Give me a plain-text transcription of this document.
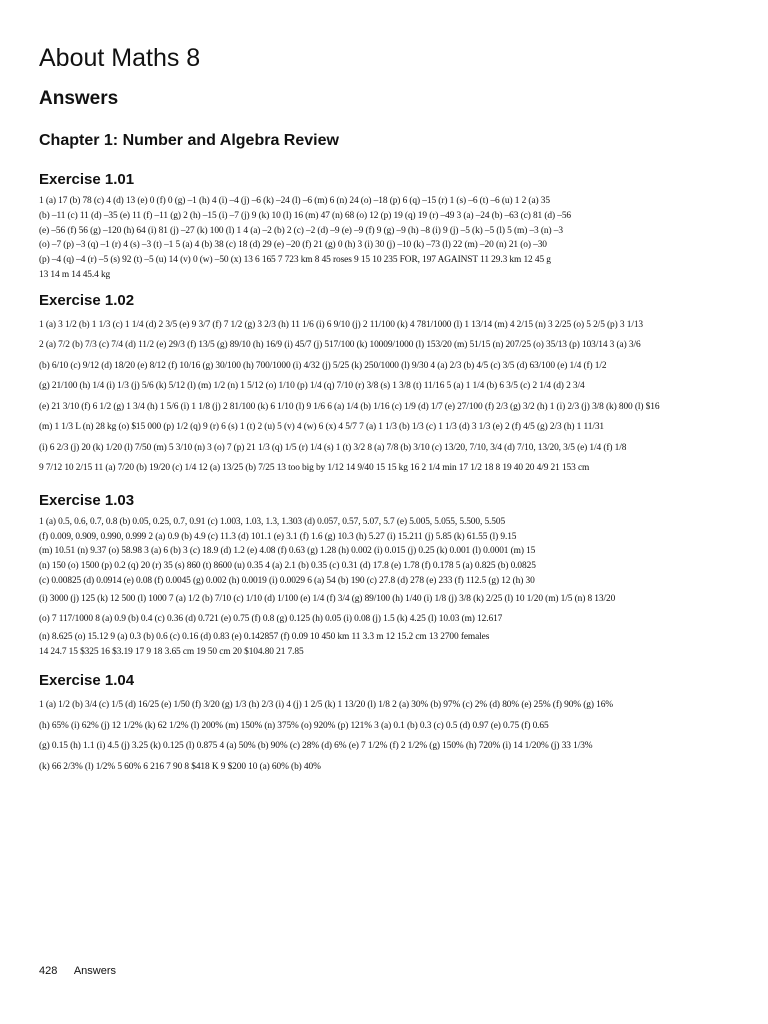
About Maths 8
Answers
Chapter 1: Number and Algebra Review
Exercise 1.01
1 (a) 17 (b) 78 (c) 4 (d) 13 (e) 0 (f) 0 (g) –1 (h) 4 (i) –4 (j) –6 (k) –24 (l) –6 (m) 6 (n) 24 (o) –18 (p) 6 (q) –15 (r) 1 (s) –6 (t) –6 (u) 1 2 (a) 35
(b) –11 (c) 11 (d) –35 (e) 11 (f) –11 (g) 2 (h) –15 (i) –7 (j) 9 (k) 10 (l) 16 (m) 47 (n) 68 (o) 12 (p) 19 (q) 19 (r) –49 3 (a) –24 (b) –63 (c) 81 (d) –56
(e) –56 (f) 56 (g) –120 (h) 64 (i) 81 (j) –27 (k) 100 (l) 1 4 (a) –2 (b) 2 (c) –2 (d) –9 (e) –9 (f) 9 (g) –9 (h) –8 (i) 9 (j) –5 (k) –5 (l) 5 (m) –3 (n) –3
(o) –7 (p) –3 (q) –1 (r) 4 (s) –3 (t) –1 5 (a) 4 (b) 38 (c) 18 (d) 29 (e) –20 (f) 21 (g) 0 (h) 3 (i) 30 (j) –10 (k) –73 (l) 22 (m) –20 (n) 21 (o) –30
(p) –4 (q) –4 (r) –5 (s) 92 (t) –5 (u) 14 (v) 0 (w) –50 (x) 13 6 165 7 723 km 8 45 roses 9 15 10 235 FOR, 197 AGAINST 11 29.3 km 12 45 g
13 14 m 14 45.4 kg
Exercise 1.02
1 (a) 3 1/2 (b) 1 1/3 (c) 1 1/4 (d) 2 3/5 (e) 9 3/7 (f) 7 1/2 (g) 3 2/3 (h) 11 1/6 (i) 6 9/10 (j) 2 11/100 (k) 4 781/1000 (l) 1 13/14 (m) 4 2/15 (n) 3 2/25 (o) 5 2/5 (p) 3 1/13
2 (a) 7/2 (b) 7/3 (c) 7/4 (d) 11/2 (e) 29/3 (f) 13/5 (g) 89/10 (h) 16/9 (i) 45/7 (j) 517/100 (k) 10009/1000 (l) 153/20 (m) 51/15 (n) 207/25 (o) 35/13 (p) 103/14 3 (a) 3/6
(b) 6/10 (c) 9/12 (d) 18/20 (e) 8/12 (f) 10/16 (g) 30/100 (h) 700/1000 (i) 4/32 (j) 5/25 (k) 250/1000 (l) 9/30 4 (a) 2/3 (b) 4/5 (c) 3/5 (d) 63/100 (e) 1/4 (f) 1/2
(g) 21/100 (h) 1/4 (i) 1/3 (j) 5/6 (k) 5/12 (l) (m) 1/2 (n) 1 5/12 (o) 1/10 (p) 1/4 (q) 7/10 (r) 3/8 (s) 1 3/8 (t) 11/16 5 (a) 1 1/4 (b) 6 3/5 (c) 2 1/4 (d) 2 3/4
(e) 21 3/10 (f) 6 1/2 (g) 1 3/4 (h) 1 5/6 (i) 1 1/8 (j) 2 81/100 (k) 6 1/10 (l) 9 1/6 6 (a) 1/4 (b) 1/16 (c) 1/9 (d) 1/7 (e) 27/100 (f) 2/3 (g) 3/2 (h) 1 (i) 2/3 (j) 3/8 (k) 800 (l) $16
(m) 1 1/3 L (n) 28 kg (o) $15 000 (p) 1/2 (q) 9 (r) 6 (s) 1 (t) 2 (u) 5 (v) 4 (w) 6 (x) 4 5/7 7 (a) 1 1/3 (b) 1/3 (c) 1 1/3 (d) 3 1/3 (e) 2 (f) 4/5 (g) 2/3 (h) 1 11/31
(i) 6 2/3 (j) 20 (k) 1/20 (l) 7/50 (m) 5 3/10 (n) 3 (o) 7 (p) 21 1/3 (q) 1/5 (r) 1/4 (s) 1 (t) 3/2 8 (a) 7/8 (b) 3/10 (c) 13/20, 7/10, 3/4 (d) 7/10, 13/20, 3/5 (e) 1/4 (f) 1/8
9 7/12 10 2/15 11 (a) 7/20 (b) 19/20 (c) 1/4 12 (a) 13/25 (b) 7/25 13 too big by 1/12 14 9/40 15 15 kg 16 2 1/4 min 17 1/2 18 8 19 40 20 4/9 21 153 cm
Exercise 1.03
1 (a) 0.5, 0.6, 0.7, 0.8 (b) 0.05, 0.25, 0.7, 0.91 (c) 1.003, 1.03, 1.3, 1.303 (d) 0.057, 0.57, 5.07, 5.7 (e) 5.005, 5.055, 5.500, 5.505
(f) 0.009, 0.909, 0.990, 0.999 2 (a) 0.9 (b) 4.9 (c) 11.3 (d) 101.1 (e) 3.1 (f) 1.6 (g) 10.3 (h) 5.27 (i) 15.211 (j) 5.85 (k) 61.55 (l) 9.15
(m) 10.51 (n) 9.37 (o) 58.98 3 (a) 6 (b) 3 (c) 18.9 (d) 1.2 (e) 4.08 (f) 0.63 (g) 1.28 (h) 0.002 (i) 0.015 (j) 0.25 (k) 0.001 (l) 0.0001 (m) 15
(n) 150 (o) 1500 (p) 0.2 (q) 20 (r) 35 (s) 860 (t) 8600 (u) 0.35 4 (a) 2.1 (b) 0.35 (c) 0.31 (d) 17.8 (e) 1.78 (f) 0.178 5 (a) 0.825 (b) 0.0825
(c) 0.00825 (d) 0.0914 (e) 0.08 (f) 0.0045 (g) 0.002 (h) 0.0019 (i) 0.0029 6 (a) 54 (b) 190 (c) 27.8 (d) 278 (e) 233 (f) 112.5 (g) 12 (h) 30
(i) 3000 (j) 125 (k) 12 500 (l) 1000 7 (a) 1/2 (b) 7/10 (c) 1/10 (d) 1/100 (e) 1/4 (f) 3/4 (g) 89/100 (h) 1/40 (i) 1/8 (j) 3/8 (k) 2/25 (l) 10 1/20 (m) 1/5 (n) 8 13/20
(o) 7 117/1000 8 (a) 0.9 (b) 0.4 (c) 0.36 (d) 0.721 (e) 0.75 (f) 0.8 (g) 0.125 (h) 0.05 (i) 0.08 (j) 1.5 (k) 4.25 (l) 10.03 (m) 12.617
(n) 8.625 (o) 15.12 9 (a) 0.3 (b) 0.6 (c) 0.16 (d) 0.83 (e) 0.142857 (f) 0.09 10 450 km 11 3.3 m 12 15.2 cm 13 2700 females
14 24.7 15 $325 16 $3.19 17 9 18 3.65 cm 19 50 cm 20 $104.80 21 7.85
Exercise 1.04
1 (a) 1/2 (b) 3/4 (c) 1/5 (d) 16/25 (e) 1/50 (f) 3/20 (g) 1/3 (h) 2/3 (i) 4 (j) 1 2/5 (k) 1 13/20 (l) 1/8 2 (a) 30% (b) 97% (c) 2% (d) 80% (e) 25% (f) 90% (g) 16%
(h) 65% (i) 62% (j) 12 1/2% (k) 62 1/2% (l) 200% (m) 150% (n) 375% (o) 920% (p) 121% 3 (a) 0.1 (b) 0.3 (c) 0.5 (d) 0.97 (e) 0.75 (f) 0.65
(g) 0.15 (h) 1.1 (i) 4.5 (j) 3.25 (k) 0.125 (l) 0.875 4 (a) 50% (b) 90% (c) 28% (d) 6% (e) 7 1/2% (f) 2 1/2% (g) 150% (h) 720% (i) 14 1/20% (j) 33 1/3%
(k) 66 2/3% (l) 1/2% 5 60% 6 216 7 90 8 $418 K 9 $200 10 (a) 60% (b) 40%
428 Answers
